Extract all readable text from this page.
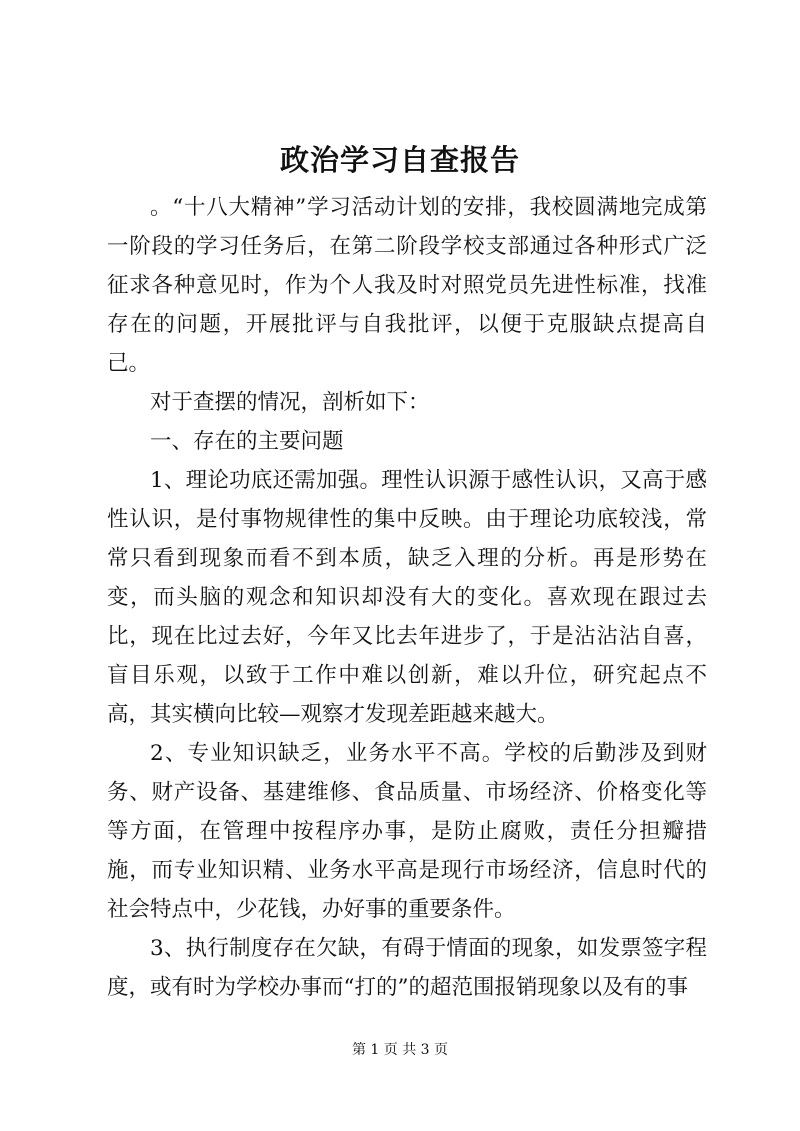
政治学习自查报告

。“十八大精神”学习活动计划的安排，我校圆满地完成第一阶段的学习任务后，在第二阶段学校支部通过各种形式广泛征求各种意见时，作为个人我及时对照党员先进性标准，找准存在的问题，开展批评与自我批评，以便于克服缺点提高自己。

对于查摆的情况，剖析如下：

一、存在的主要问题

1、理论功底还需加强。理性认识源于感性认识，又高于感性认识，是付事物规律性的集中反映。由于理论功底较浅，常常只看到现象而看不到本质，缺乏入理的分析。再是形势在变，而头脑的观念和知识却没有大的变化。喜欢现在跟过去比，现在比过去好，今年又比去年进步了，于是沾沾沾自喜，盲目乐观，以致于工作中难以创新，难以升位，研究起点不高，其实横向比较—观察才发现差距越来越大。

2、专业知识缺乏，业务水平不高。学校的后勤涉及到财务、财产设备、基建维修、食品质量、市场经济、价格变化等等方面，在管理中按程序办事，是防止腐败，责任分担瓣措施，而专业知识精、业务水平高是现行市场经济，信息时代的社会特点中，少花钱，办好事的重要条件。

3、执行制度存在欠缺，有碍于情面的现象，如发票签字程度，或有时为学校办事而“打的”的超范围报销现象以及有的事

第 1 页 共 3 页
